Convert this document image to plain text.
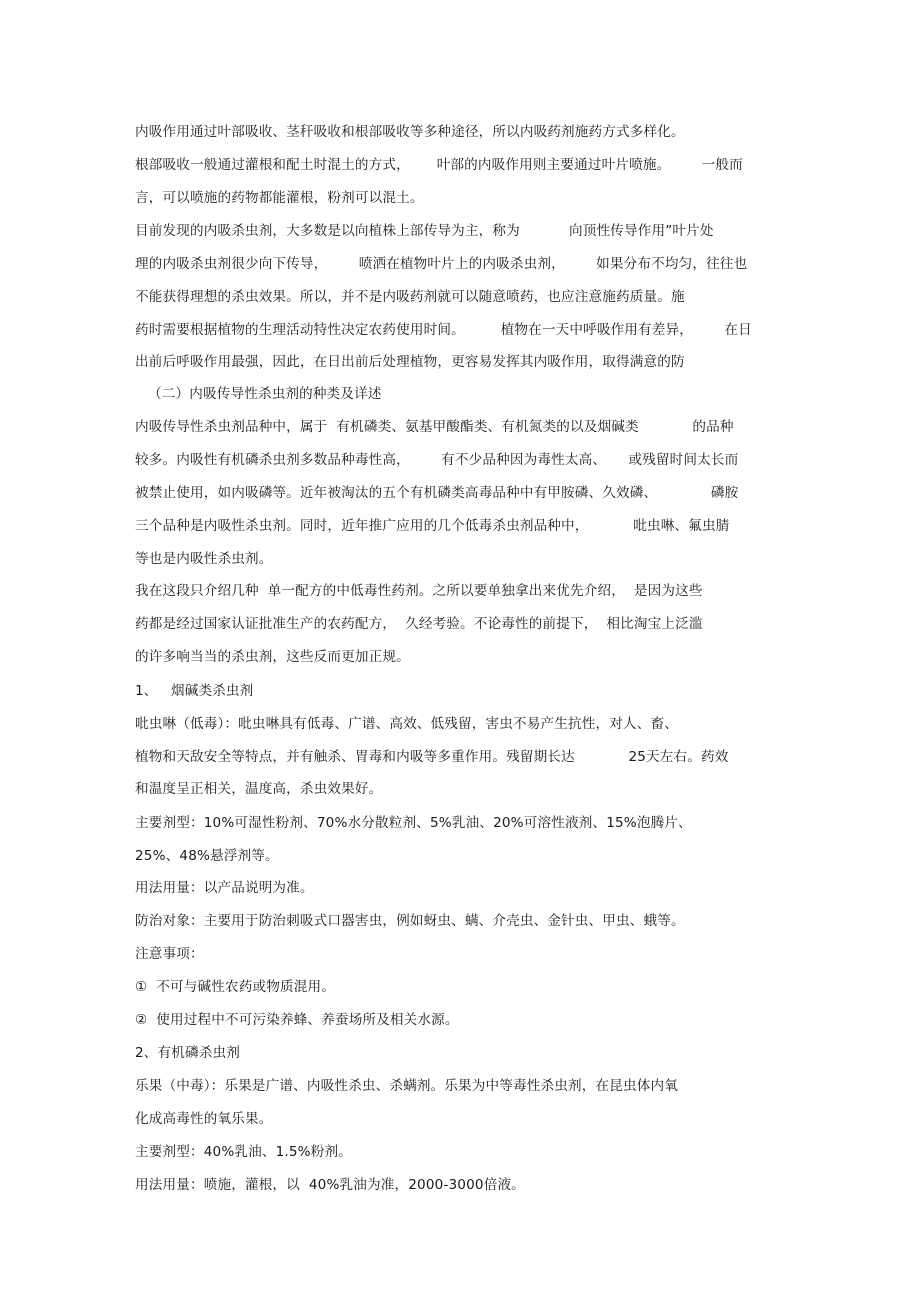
内吸作用通过叶部吸收、茎秆吸收和根部吸收等多种途径，所以内吸药剂施药方式多样化。
根部吸收一般通过灌根和配土时混土的方式，      叶部的内吸作用则主要通过叶片喷施。       一般而
言，可以喷施的药物都能灌根，粉剂可以混土。
目前发现的内吸杀虫剂，大多数是以向植株上部传导为主，称为           向顶性传导作用”叶片处
理的内吸杀虫剂很少向下传导，       喷洒在植物叶片上的内吸杀虫剂，       如果分布不均匀，往往也
不能获得理想的杀虫效果。所以，并不是内吸药剂就可以随意喷药，也应注意施药质量。施
药时需要根据植物的生理活动特性决定农药使用时间。        植物在一天中呼吸作用有差异，       在日
出前后呼吸作用最强，因此，在日出前后处理植物，更容易发挥其内吸作用，取得满意的防
（二）内吸传导性杀虫剂的种类及详述
内吸传导性杀虫剂品种中，属于  有机磷类、氨基甲酸酯类、有机氮类的以及烟碱类            的品种
较多。内吸性有机磷杀虫剂多数品种毒性高，       有不少品种因为毒性太高、     或残留时间太长而
被禁止使用，如内吸磷等。近年被淘汰的五个有机磷类高毒品种中有甲胺磷、久效磷、            磷胺
三个品种是内吸性杀虫剂。同时，近年推广应用的几个低毒杀虫剂品种中，          吡虫啉、氟虫腈
等也是内吸性杀虫剂。
我在这段只介绍几种  单一配方的中低毒性药剂。之所以要单独拿出来优先介绍，  是因为这些
药都是经过国家认证批准生产的农药配方，  久经考验。不论毒性的前提下，  相比淘宝上泛滥
的许多响当当的杀虫剂，这些反而更加正规。
1、   烟碱类杀虫剂
吡虫啉（低毒）：吡虫啉具有低毒、广谱、高效、低残留，害虫不易产生抗性，对人、畜、
植物和天敌安全等特点，并有触杀、胃毒和内吸等多重作用。残留期长达            25天左右。药效
和温度呈正相关，温度高，杀虫效果好。
主要剂型：10%可湿性粉剂、70%水分散粒剂、5%乳油、20%可溶性液剂、15%泡腾片、
25%、48%悬浮剂等。
用法用量：以产品说明为准。
防治对象：主要用于防治刺吸式口器害虫，例如蚜虫、螨、介壳虫、金针虫、甲虫、蛾等。
注意事项：
①  不可与碱性农药或物质混用。
②  使用过程中不可污染养蜂、养蚕场所及相关水源。
2、有机磷杀虫剂
乐果（中毒）：乐果是广谱、内吸性杀虫、杀螨剂。乐果为中等毒性杀虫剂，在昆虫体内氧
化成高毒性的氧乐果。
主要剂型：40%乳油、1.5%粉剂。
用法用量：喷施，灌根，以  40%乳油为准，2000-3000倍液。
